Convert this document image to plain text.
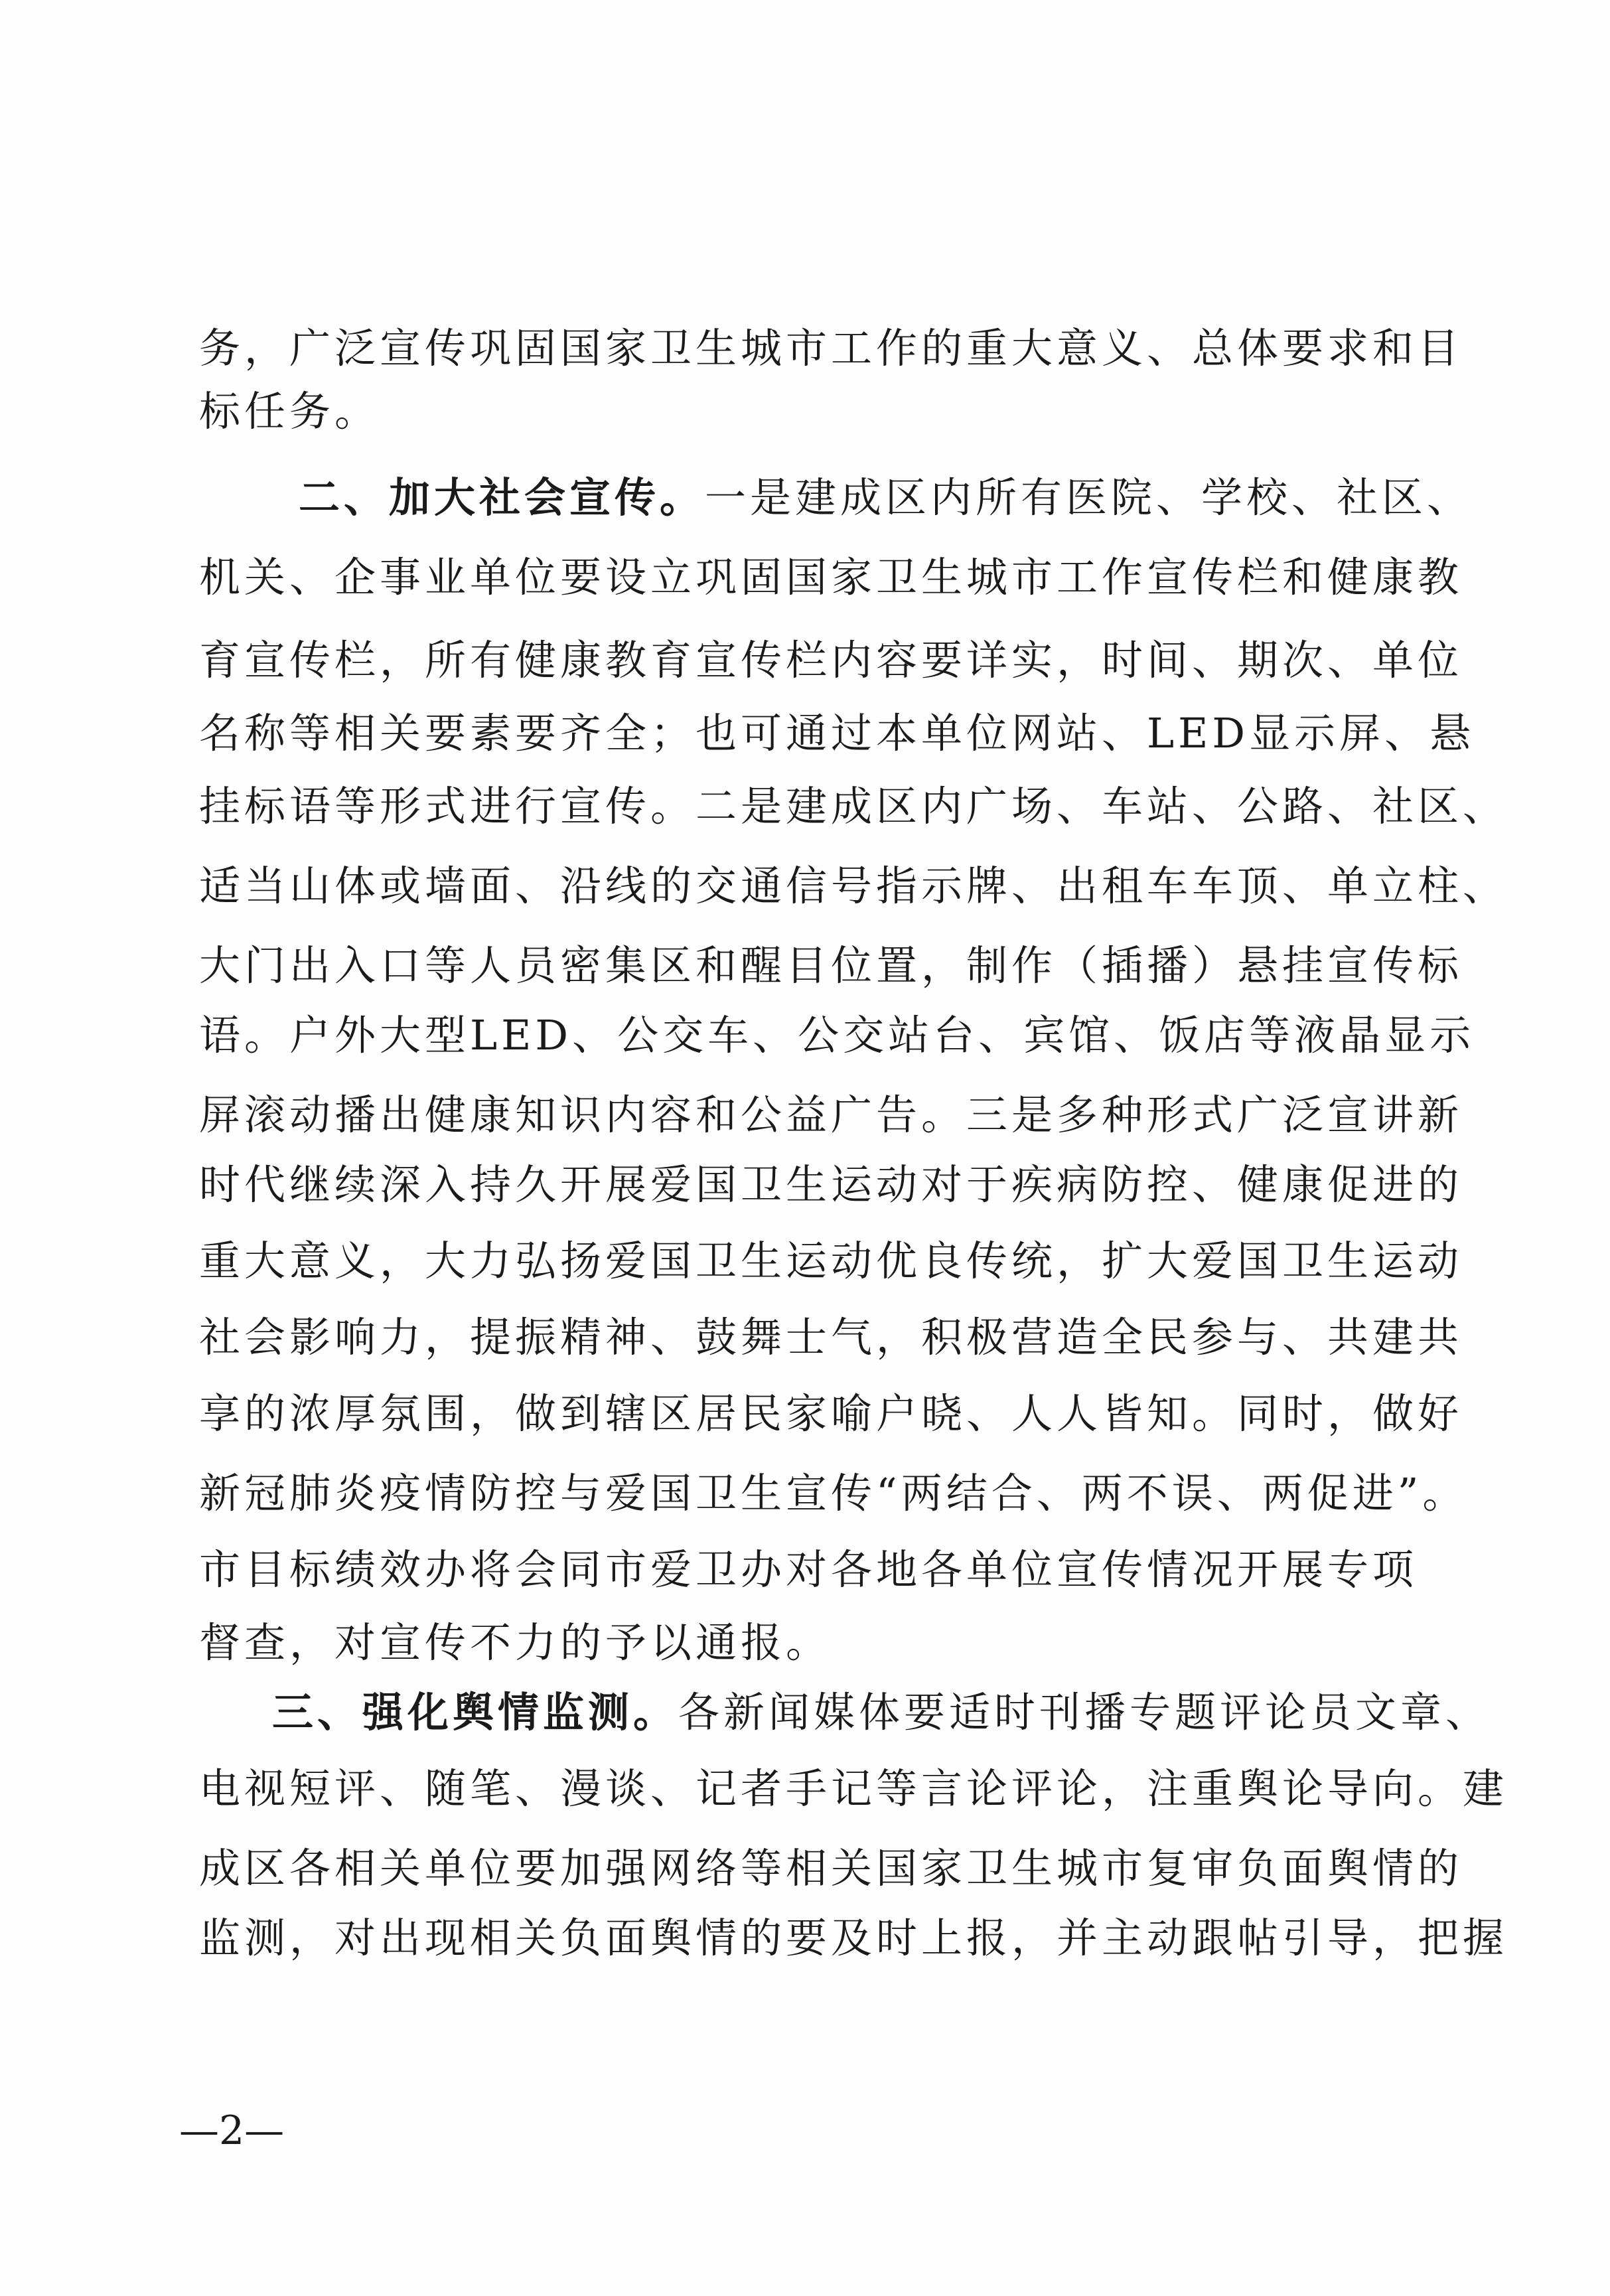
务，广泛宣传巩固国家卫生城市工作的重大意义、总体要求和目
标任务。
二、加大社会宣传。一是建成区内所有医院、学校、社区、
机关、企事业单位要设立巩固国家卫生城市工作宣传栏和健康教
育宣传栏，所有健康教育宣传栏内容要详实，时间、期次、单位
名称等相关要素要齐全；也可通过本单位网站、LED显示屏、悬
挂标语等形式进行宣传。二是建成区内广场、车站、公路、社区、
适当山体或墙面、沿线的交通信号指示牌、出租车车顶、单立柱、
大门出入口等人员密集区和醒目位置，制作（插播）悬挂宣传标
语。户外大型LED、公交车、公交站台、宾馆、饭店等液晶显示
屏滚动播出健康知识内容和公益广告。三是多种形式广泛宣讲新
时代继续深入持久开展爱国卫生运动对于疾病防控、健康促进的
重大意义，大力弘扬爱国卫生运动优良传统，扩大爱国卫生运动
社会影响力，提振精神、鼓舞士气，积极营造全民参与、共建共
享的浓厚氛围，做到辖区居民家喻户晓、人人皆知。同时，做好
新冠肺炎疫情防控与爱国卫生宣传“两结合、两不误、两促进”。
市目标绩效办将会同市爱卫办对各地各单位宣传情况开展专项
督查，对宣传不力的予以通报。
三、强化舆情监测。各新闻媒体要适时刊播专题评论员文章、
电视短评、随笔、漫谈、记者手记等言论评论，注重舆论导向。建
成区各相关单位要加强网络等相关国家卫生城市复审负面舆情的
监测，对出现相关负面舆情的要及时上报，并主动跟帖引导，把握
—2—
